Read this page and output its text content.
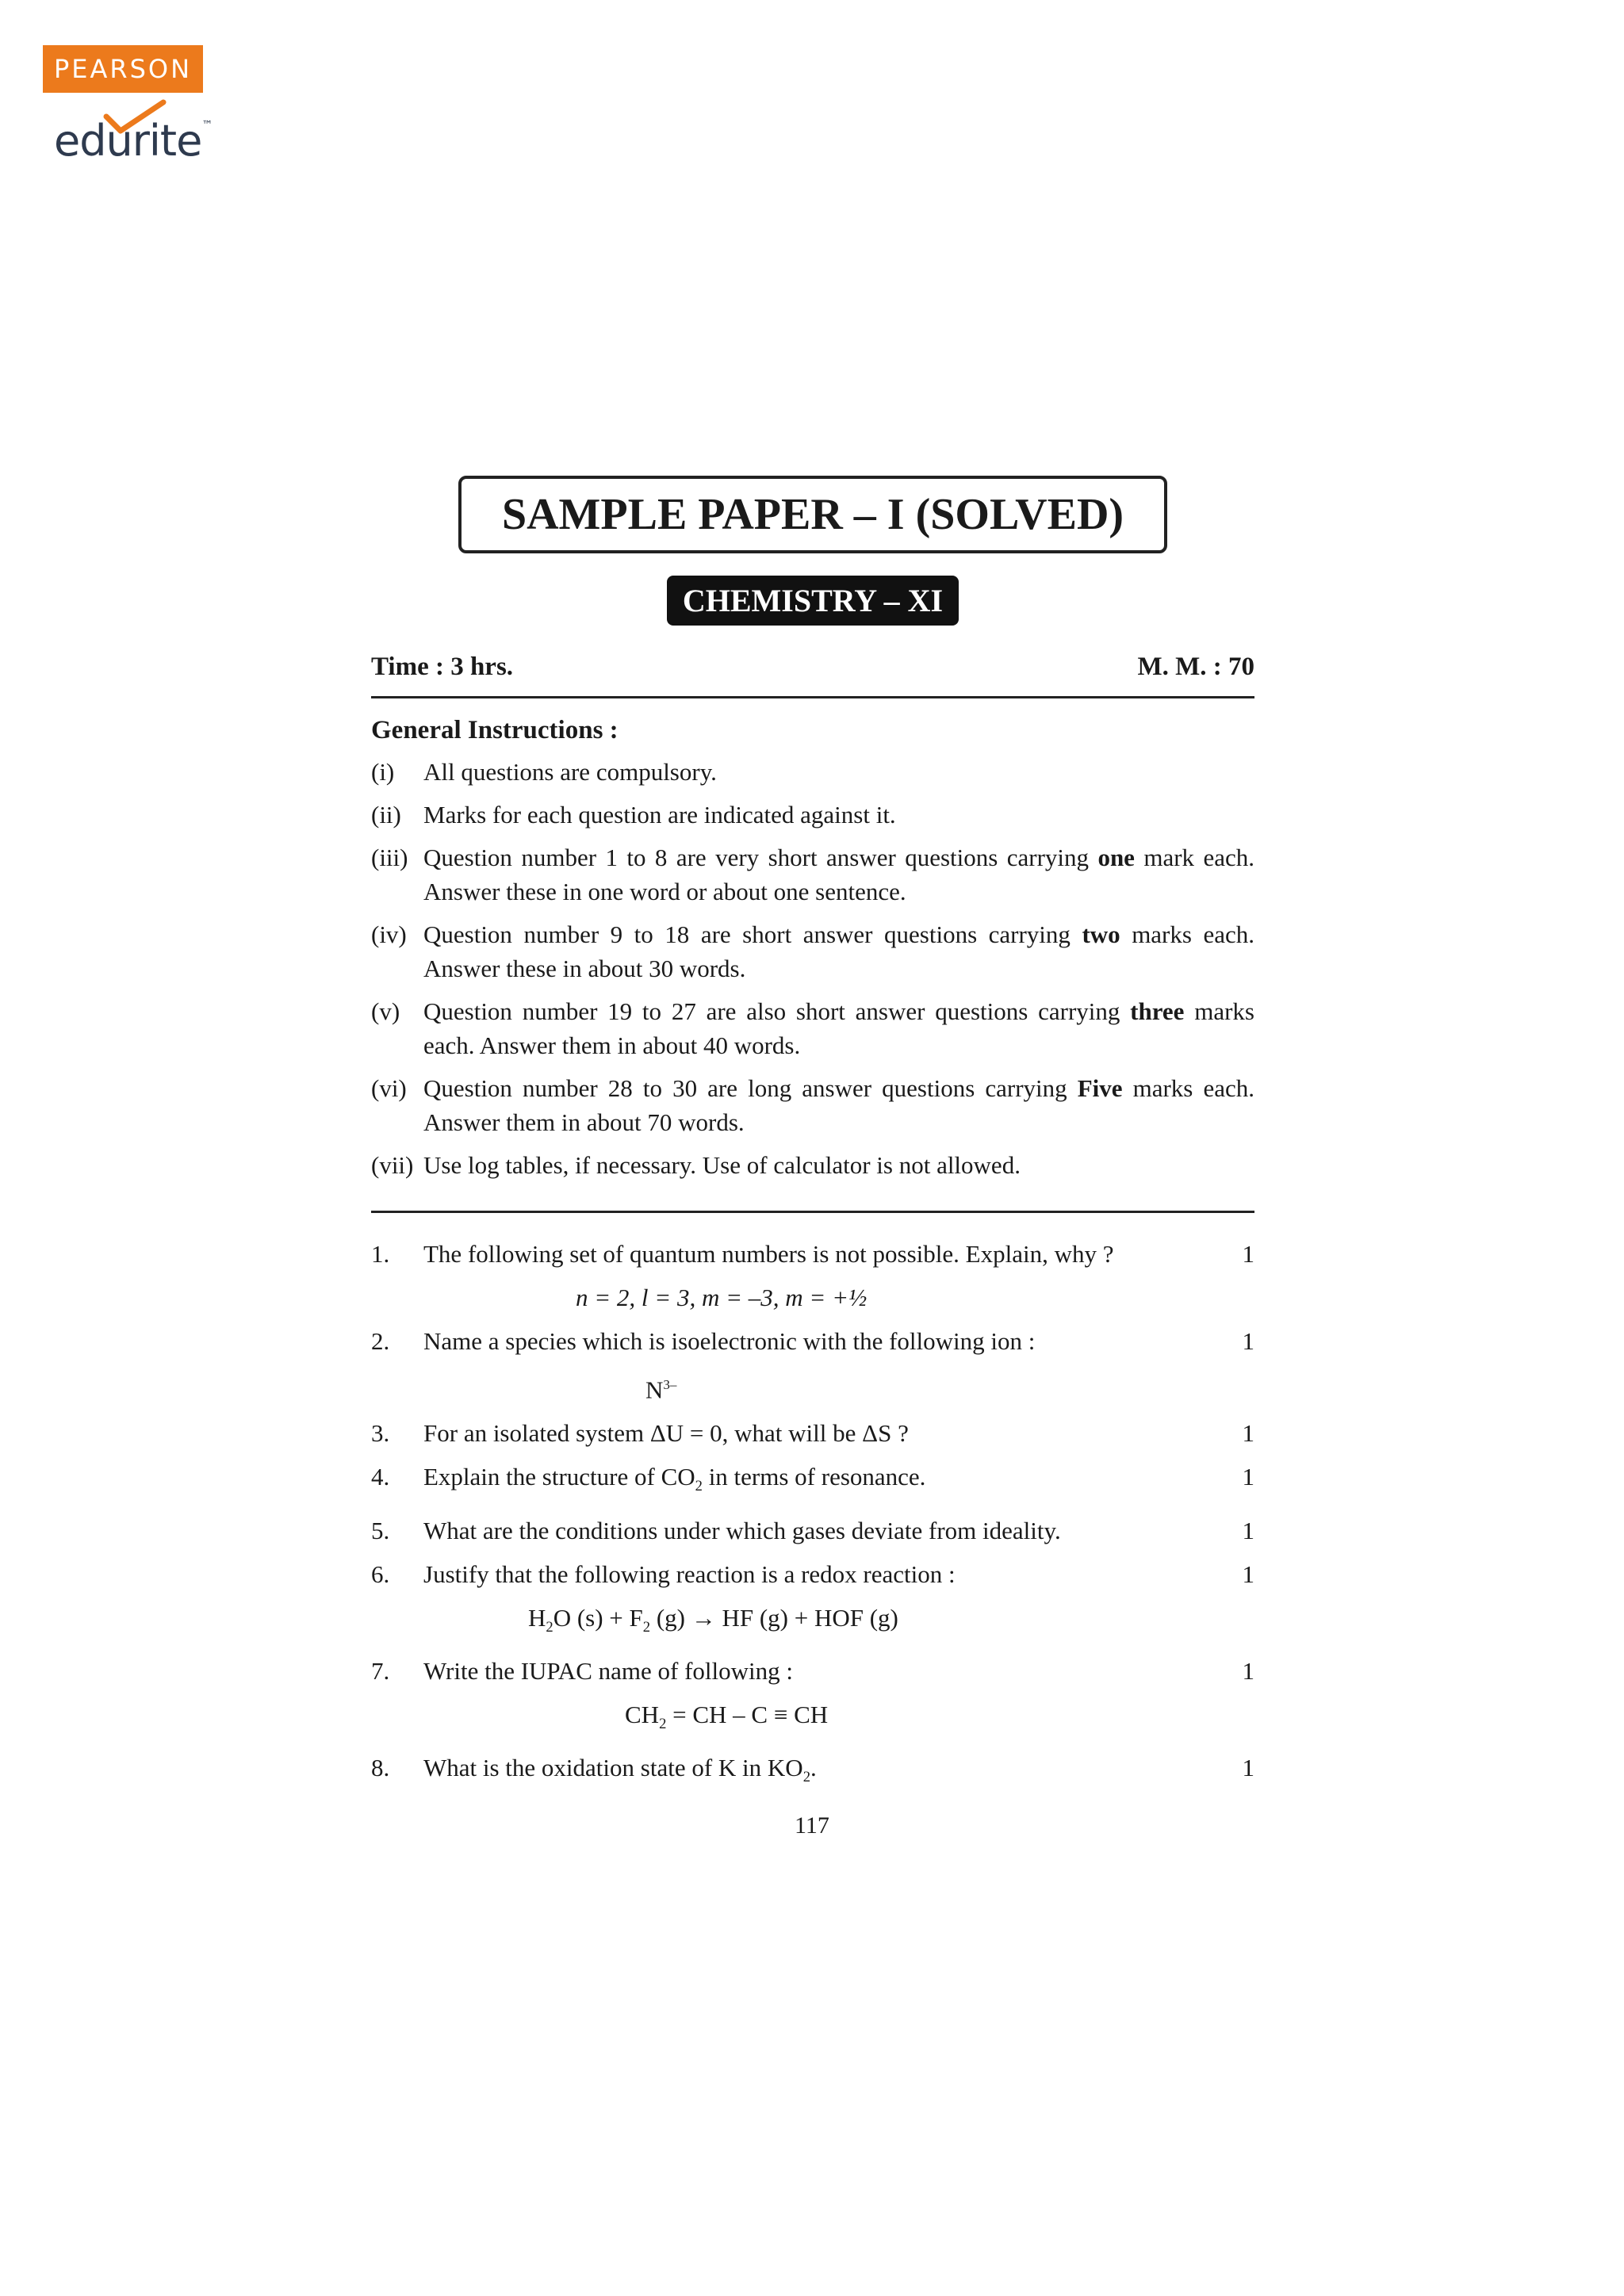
PEARSON
edurite™
SAMPLE PAPER – I (SOLVED)
CHEMISTRY – XI
Time : 3 hrs.	M. M. : 70
General Instructions :
(i)	All questions are compulsory.
(ii) Marks for each question are indicated against it.
(iii) Question number 1 to 8 are very short answer questions carrying one mark each. Answer these in one word or about one sentence.
(iv) Question number 9 to 18 are short answer questions carrying two marks each. Answer these in about 30 words.
(v) Question number 19 to 27 are also short answer questions carrying three marks each. Answer them in about 40 words.
(vi) Question number 28 to 30 are long answer questions carrying Five marks each. Answer them in about 70 words.
(vii) Use log tables, if necessary. Use of calculator is not allowed.
1.	The following set of quantum numbers is not possible. Explain, why ?	1
n = 2, l = 3, m = –3, m = +½
2.	Name a species which is isoelectronic with the following ion :	1
$N^{3-}$
3.	For an isolated system ΔU = 0, what will be ΔS ?	1
4.	Explain the structure of $CO_2$ in terms of resonance.	1
5.	What are the conditions under which gases deviate from ideality.	1
6.	Justify that the following reaction is a redox reaction :	1
$H_2O$ $(s) + F_2$ (g) → HF (g) + HOF (g)
7.	Write the IUPAC name of following :	1
$CH_2$ = CH – C ≡ CH
8.	What is the oxidation state of K in $KO_2$.	1
117
